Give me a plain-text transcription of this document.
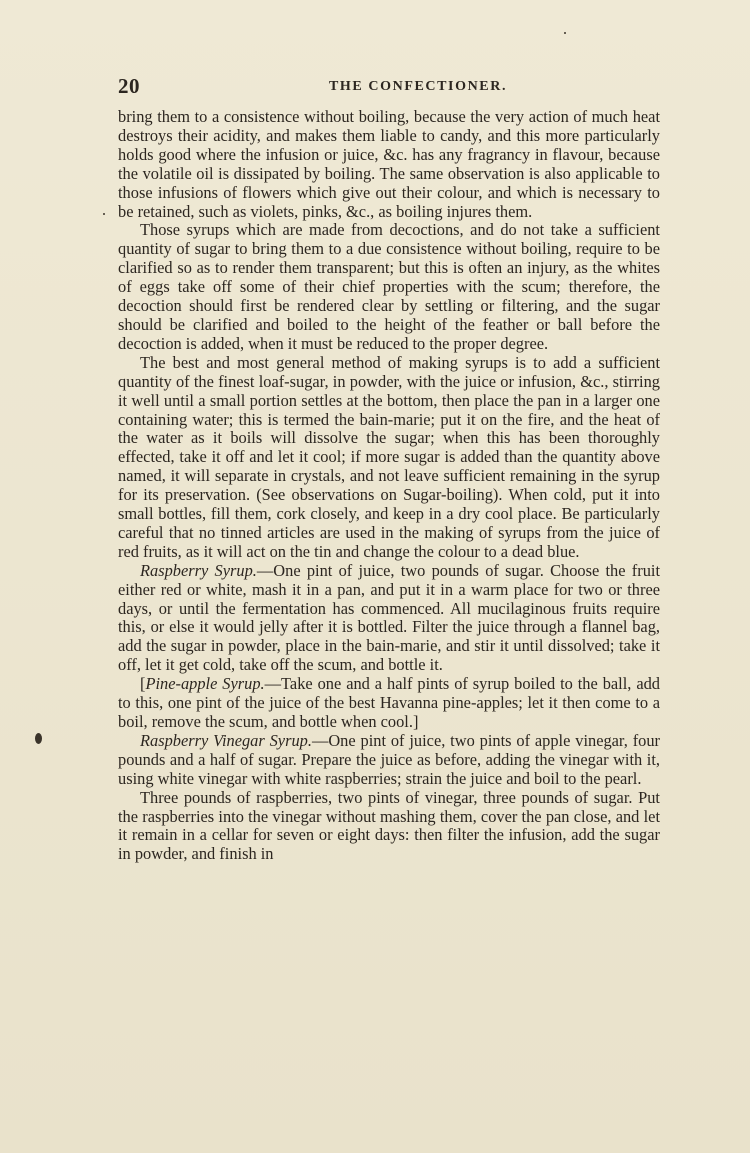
20	THE CONFECTIONER.

bring them to a consistence without boiling, because the very action of much heat destroys their acidity, and makes them liable to candy, and this more particularly holds good where the infusion or juice, &c. has any fragrancy in flavour, because the volatile oil is dissipated by boiling. The same observation is also applicable to those infusions of flowers which give out their colour, and which is necessary to be retained, such as violets, pinks, &c., as boiling injures them.

Those syrups which are made from decoctions, and do not take a sufficient quantity of sugar to bring them to a due consistence without boiling, require to be clarified so as to render them transparent; but this is often an injury, as the whites of eggs take off some of their chief properties with the scum; therefore, the decoction should first be rendered clear by settling or filtering, and the sugar should be clarified and boiled to the height of the feather or ball before the decoction is added, when it must be reduced to the proper degree.

The best and most general method of making syrups is to add a sufficient quantity of the finest loaf-sugar, in powder, with the juice or infusion, &c., stirring it well until a small portion settles at the bottom, then place the pan in a larger one containing water; this is termed the bain-marie; put it on the fire, and the heat of the water as it boils will dissolve the sugar; when this has been thoroughly effected, take it off and let it cool; if more sugar is added than the quantity above named, it will separate in crystals, and not leave sufficient remaining in the syrup for its preservation. (See observations on Sugar-boiling). When cold, put it into small bottles, fill them, cork closely, and keep in a dry cool place. Be particularly careful that no tinned articles are used in the making of syrups from the juice of red fruits, as it will act on the tin and change the colour to a dead blue.

Raspberry Syrup.—One pint of juice, two pounds of sugar. Choose the fruit either red or white, mash it in a pan, and put it in a warm place for two or three days, or until the fermentation has commenced. All mucilaginous fruits require this, or else it would jelly after it is bottled. Filter the juice through a flannel bag, add the sugar in powder, place in the bain-marie, and stir it until dissolved; take it off, let it get cold, take off the scum, and bottle it.

[Pine-apple Syrup.—Take one and a half pints of syrup boiled to the ball, add to this, one pint of the juice of the best Havanna pine-apples; let it then come to a boil, remove the scum, and bottle when cool.]

Raspberry Vinegar Syrup.—One pint of juice, two pints of apple vinegar, four pounds and a half of sugar. Prepare the juice as before, adding the vinegar with it, using white vinegar with white raspberries; strain the juice and boil to the pearl.

Three pounds of raspberries, two pints of vinegar, three pounds of sugar. Put the raspberries into the vinegar without mashing them, cover the pan close, and let it remain in a cellar for seven or eight days: then filter the infusion, add the sugar in powder, and finish in
